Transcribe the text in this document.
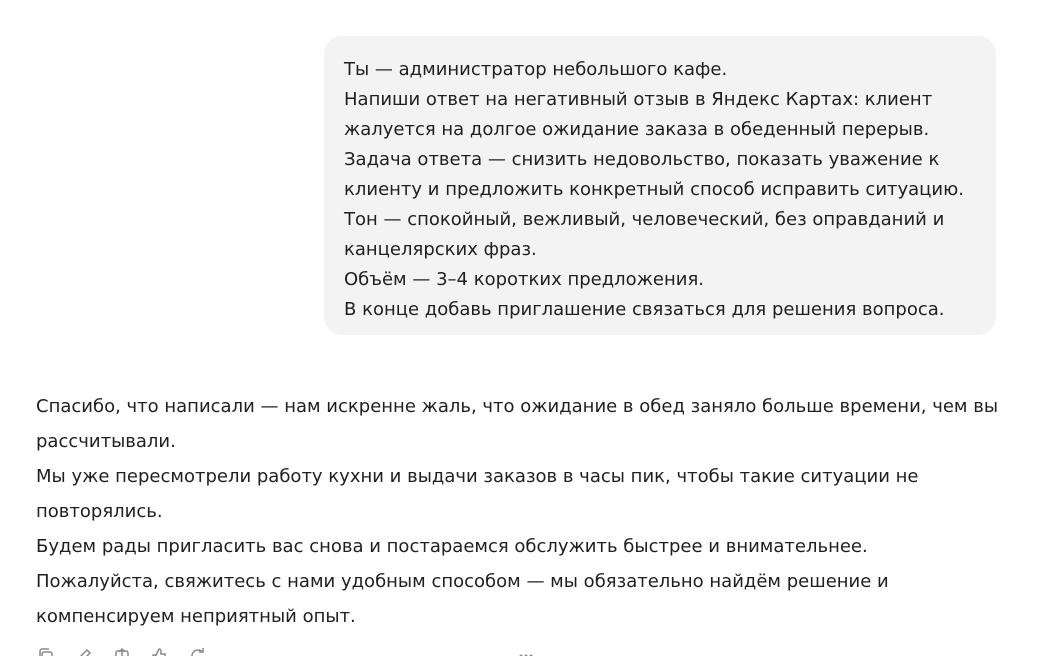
Ты — администратор небольшого кафе.
Напиши ответ на негативный отзыв в Яндекс Картах: клиент
жалуется на долгое ожидание заказа в обеденный перерыв.
Задача ответа — снизить недовольство, показать уважение к
клиенту и предложить конкретный способ исправить ситуацию.
Тон — спокойный, вежливый, человеческий, без оправданий и
канцелярских фраз.
Объём — 3–4 коротких предложения.
В конце добавь приглашение связаться для решения вопроса.
Спасибо, что написали — нам искренне жаль, что ожидание в обед заняло больше времени, чем вы
рассчитывали.
Мы уже пересмотрели работу кухни и выдачи заказов в часы пик, чтобы такие ситуации не
повторялись.
Будем рады пригласить вас снова и постараемся обслужить быстрее и внимательнее.
Пожалуйста, свяжитесь с нами удобным способом — мы обязательно найдём решение и
компенсируем неприятный опыт.
